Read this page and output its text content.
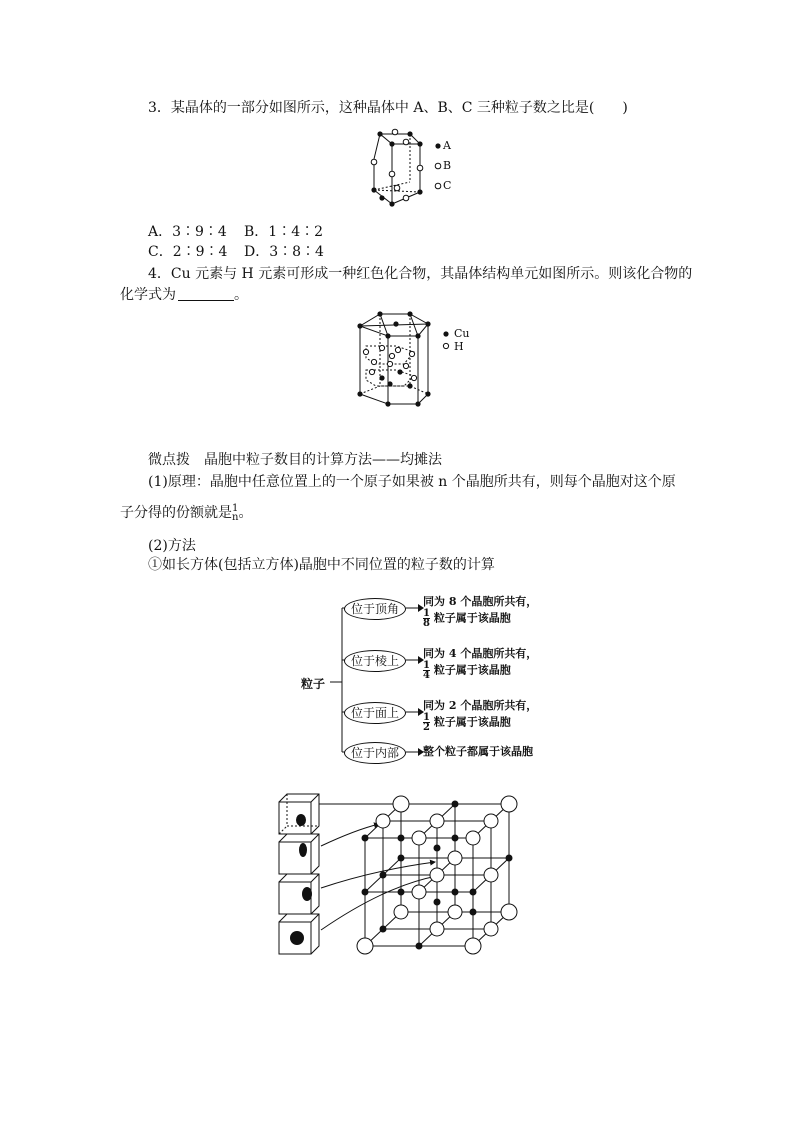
3．某晶体的一部分如图所示，这种晶体中 A、B、C 三种粒子数之比是(　　)
A
B
C
A．3∶9∶4 B．1∶4∶2
C．2∶9∶4 D．3∶8∶4
4．Cu 元素与 H 元素可形成一种红色化合物，其晶体结构单元如图所示。则该化合物的
化学式为	。
Cu
H
微点拨　晶胞中粒子数目的计算方法——均摊法
(1)原理：晶胞中任意位置上的一个原子如果被 n 个晶胞所共有，则每个晶胞对这个原
子分得的份额就是 1
n 。
(2)方法
①如长方体(包括立方体)晶胞中不同位置的粒子数的计算
粒子
位于顶角
位于棱上
位于面上
位于内部
同为 8 个晶胞所共有，
$\frac{1}{8}$ 粒子属于该晶胞
同为 4 个晶胞所共有，
$\frac{1}{4}$ 粒子属于该晶胞
同为 2 个晶胞所共有，
$\frac{1}{2}$ 粒子属于该晶胞
整个粒子都属于该晶胞
